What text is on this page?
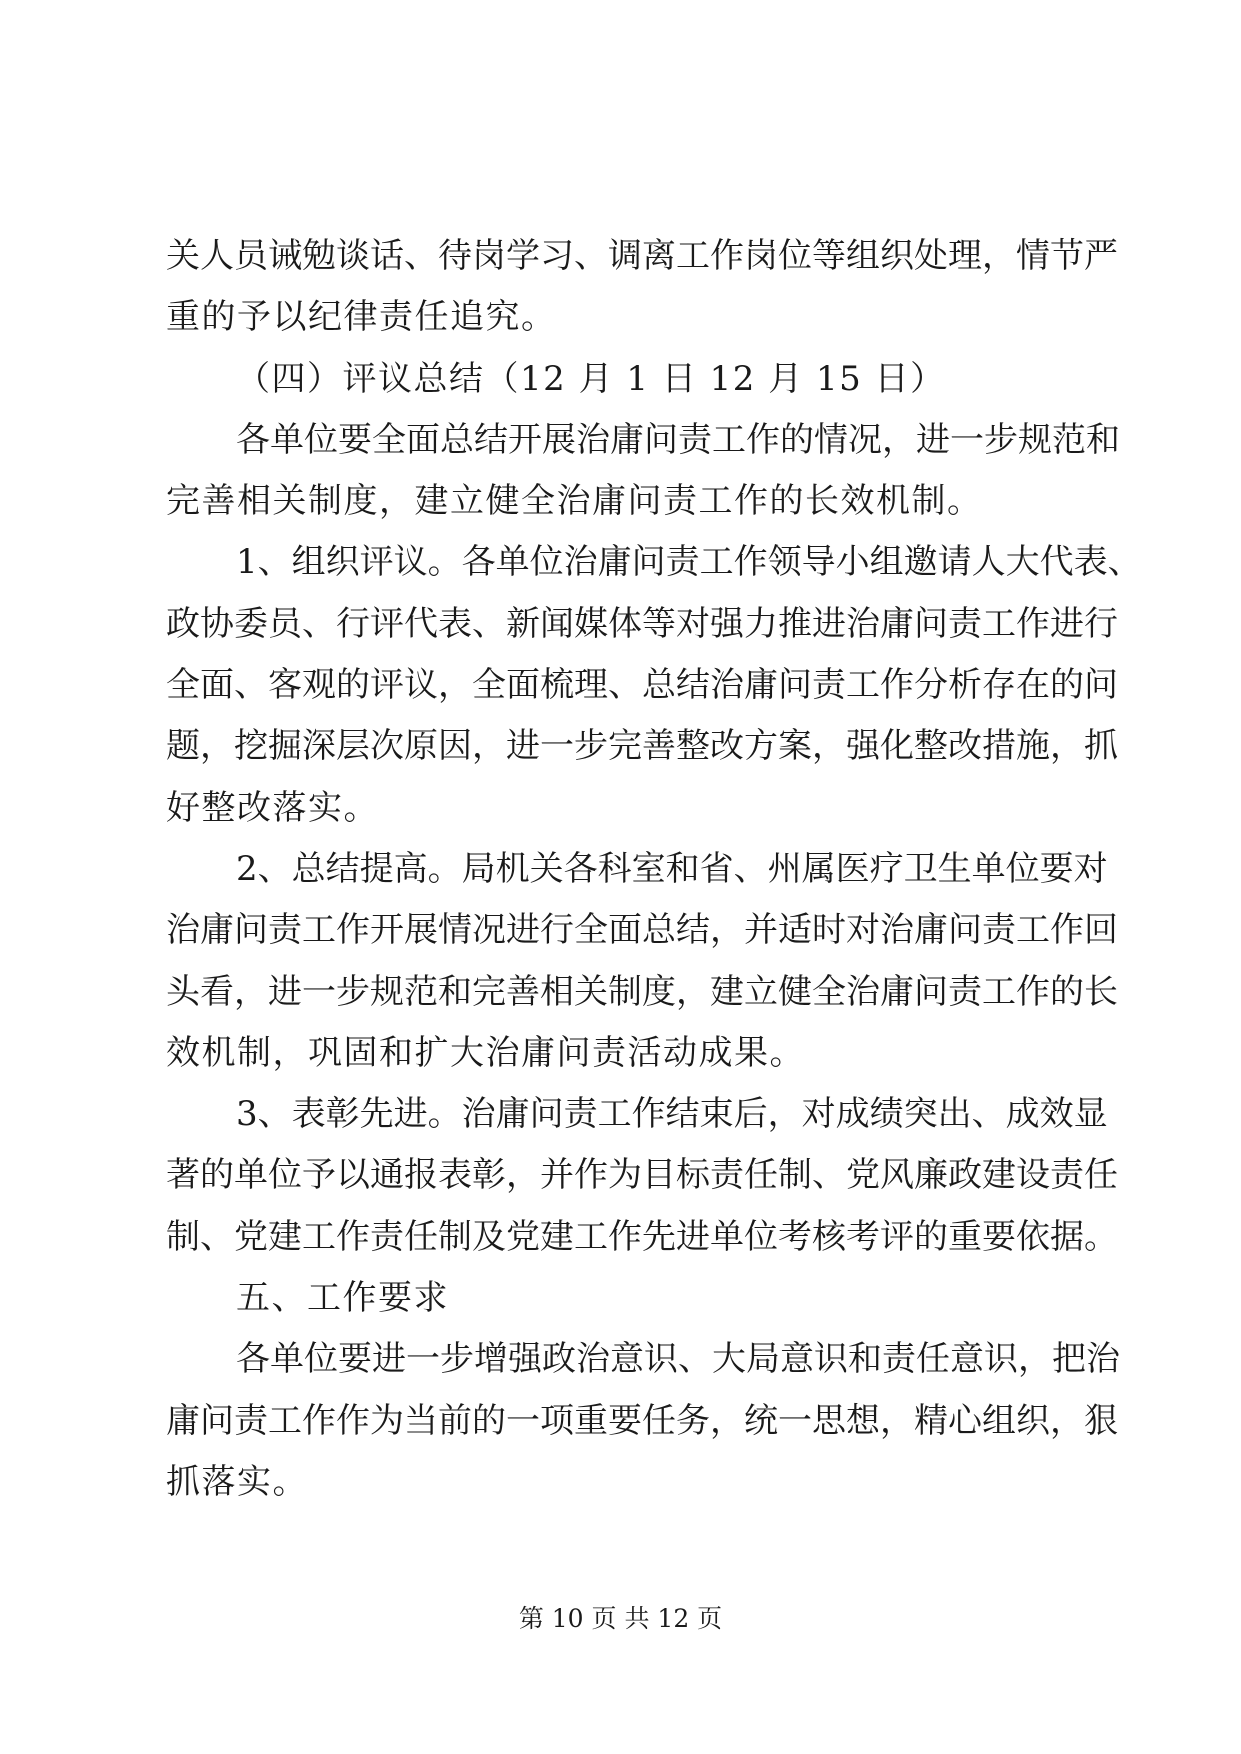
关人员诫勉谈话、待岗学习、调离工作岗位等组织处理，情节严
重的予以纪律责任追究。
（四）评议总结（12 月 1 日 12 月 15 日）
各单位要全面总结开展治庸问责工作的情况，进一步规范和
完善相关制度，建立健全治庸问责工作的长效机制。
1、组织评议。各单位治庸问责工作领导小组邀请人大代表、
政协委员、行评代表、新闻媒体等对强力推进治庸问责工作进行
全面、客观的评议，全面梳理、总结治庸问责工作分析存在的问
题，挖掘深层次原因，进一步完善整改方案，强化整改措施，抓
好整改落实。
2、总结提高。局机关各科室和省、州属医疗卫生单位要对
治庸问责工作开展情况进行全面总结，并适时对治庸问责工作回
头看，进一步规范和完善相关制度，建立健全治庸问责工作的长
效机制，巩固和扩大治庸问责活动成果。
3、表彰先进。治庸问责工作结束后，对成绩突出、成效显
著的单位予以通报表彰，并作为目标责任制、党风廉政建设责任
制、党建工作责任制及党建工作先进单位考核考评的重要依据。
五、工作要求
各单位要进一步增强政治意识、大局意识和责任意识，把治
庸问责工作作为当前的一项重要任务，统一思想，精心组织，狠
抓落实。
第 10 页 共 12 页
